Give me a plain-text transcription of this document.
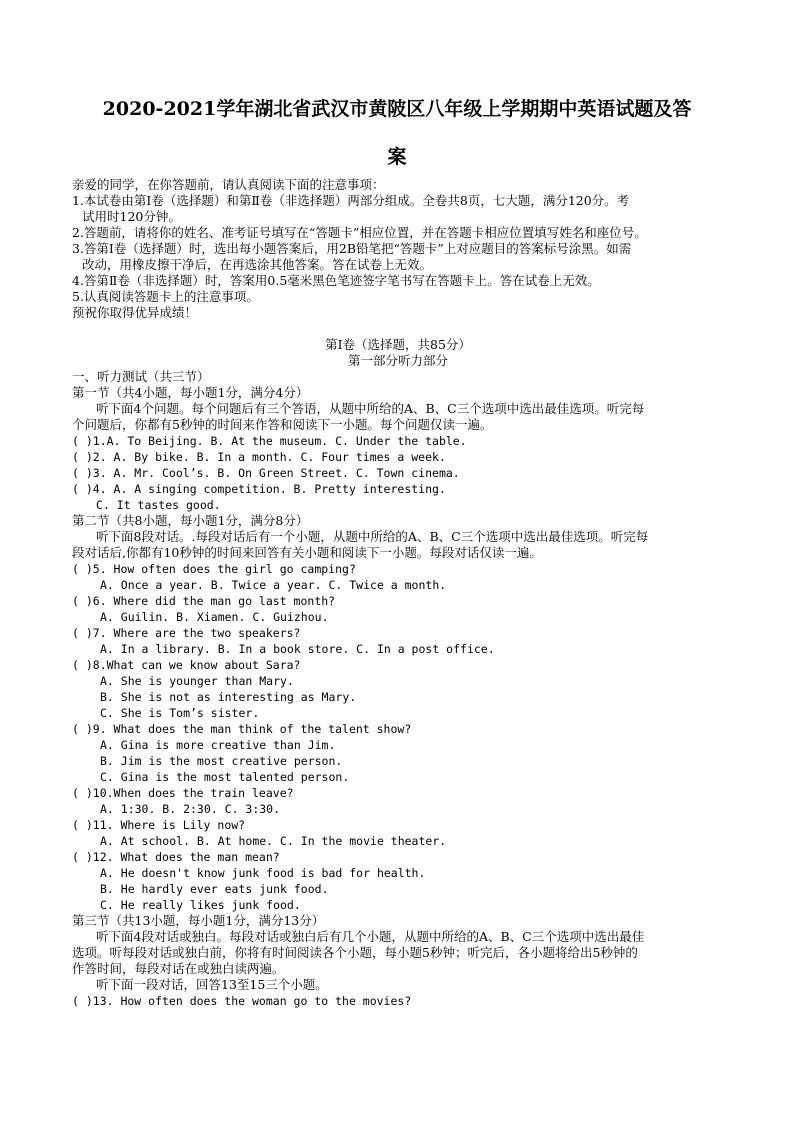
2020-2021学年湖北省武汉市黄陂区八年级上学期期中英语试题及答
案
亲爱的同学，在你答题前，请认真阅读下面的注意事项：
1.本试卷由第Ⅰ卷（选择题）和第Ⅱ卷（非选择题）两部分组成。全卷共8页，七大题，满分120分。考
试用时120分钟。
2.答题前，请将你的姓名、准考证号填写在“答题卡”相应位置，并在答题卡相应位置填写姓名和座位号。
3.答第Ⅰ卷（选择题）时，选出每小题答案后，用2B铅笔把“答题卡”上对应题目的答案标号涂黑。如需
改动，用橡皮擦干净后，在再选涂其他答案。答在试卷上无效。
4.答第Ⅱ卷（非选择题）时，答案用0.5毫米黑色笔迹签字笔书写在答题卡上。答在试卷上无效。
5.认真阅读答题卡上的注意事项。
预祝你取得优异成绩！
第Ⅰ卷（选择题，共85分）
第一部分听力部分
一、听力测试（共三节）
第一节（共4小题，每小题1分，满分4分）
听下面4个问题。每个问题后有三个答语，从题中所给的A、B、C三个选项中选出最佳选项。听完每
个问题后，你都有5秒钟的时间来作答和阅读下一小题。每个问题仅读一遍。
( )1.A. To Beijing. B. At the museum. C. Under the table.
( )2. A. By bike. B. In a month. C. Four times a week.
( )3. A. Mr. Cool’s. B. On Green Street. C. Town cinema.
( )4. A. A singing competition. B. Pretty interesting.
C. It tastes good.
第二节（共8小题，每小题1分，满分8分）
听下面8段对话。.每段对话后有一个小题，从题中所给的A、B、C三个选项中选出最佳选项。听完每
段对话后,你都有10秒钟的时间来回答有关小题和阅读下一小题。每段对话仅读一遍。
( )5. How often does the girl go camping?
A. Once a year. B. Twice a year. C. Twice a month.
( )6. Where did the man go last month?
A. Guilin. B. Xiamen. C. Guizhou.
( )7. Where are the two speakers?
A. In a library. B. In a book store. C. In a post office.
( )8.What can we know about Sara?
A. She is younger than Mary.
B. She is not as interesting as Mary.
C. She is Tom’s sister.
( )9. What does the man think of the talent show?
A. Gina is more creative than Jim.
B. Jim is the most creative person.
C. Gina is the most talented person.
( )10.When does the train leave?
A. 1:30. B. 2:30. C. 3:30.
( )11. Where is Lily now?
A. At school. B. At home. C. In the movie theater.
( )12. What does the man mean?
A. He doesn't know junk food is bad for health.
B. He hardly ever eats junk food.
C. He really likes junk food.
第三节（共13小题，每小题1分，满分13分）
听下面4段对话或独白。每段对话或独白后有几个小题，从题中所给的A、B、C三个选项中选出最佳
选项。听每段对话或独白前，你将有时间阅读各个小题，每小题5秒钟；听完后，各小题将给出5秒钟的
作答时间，每段对话在或独白读两遍。
听下面一段对话，回答13至15三个小题。
( )13. How often does the woman go to the movies?
